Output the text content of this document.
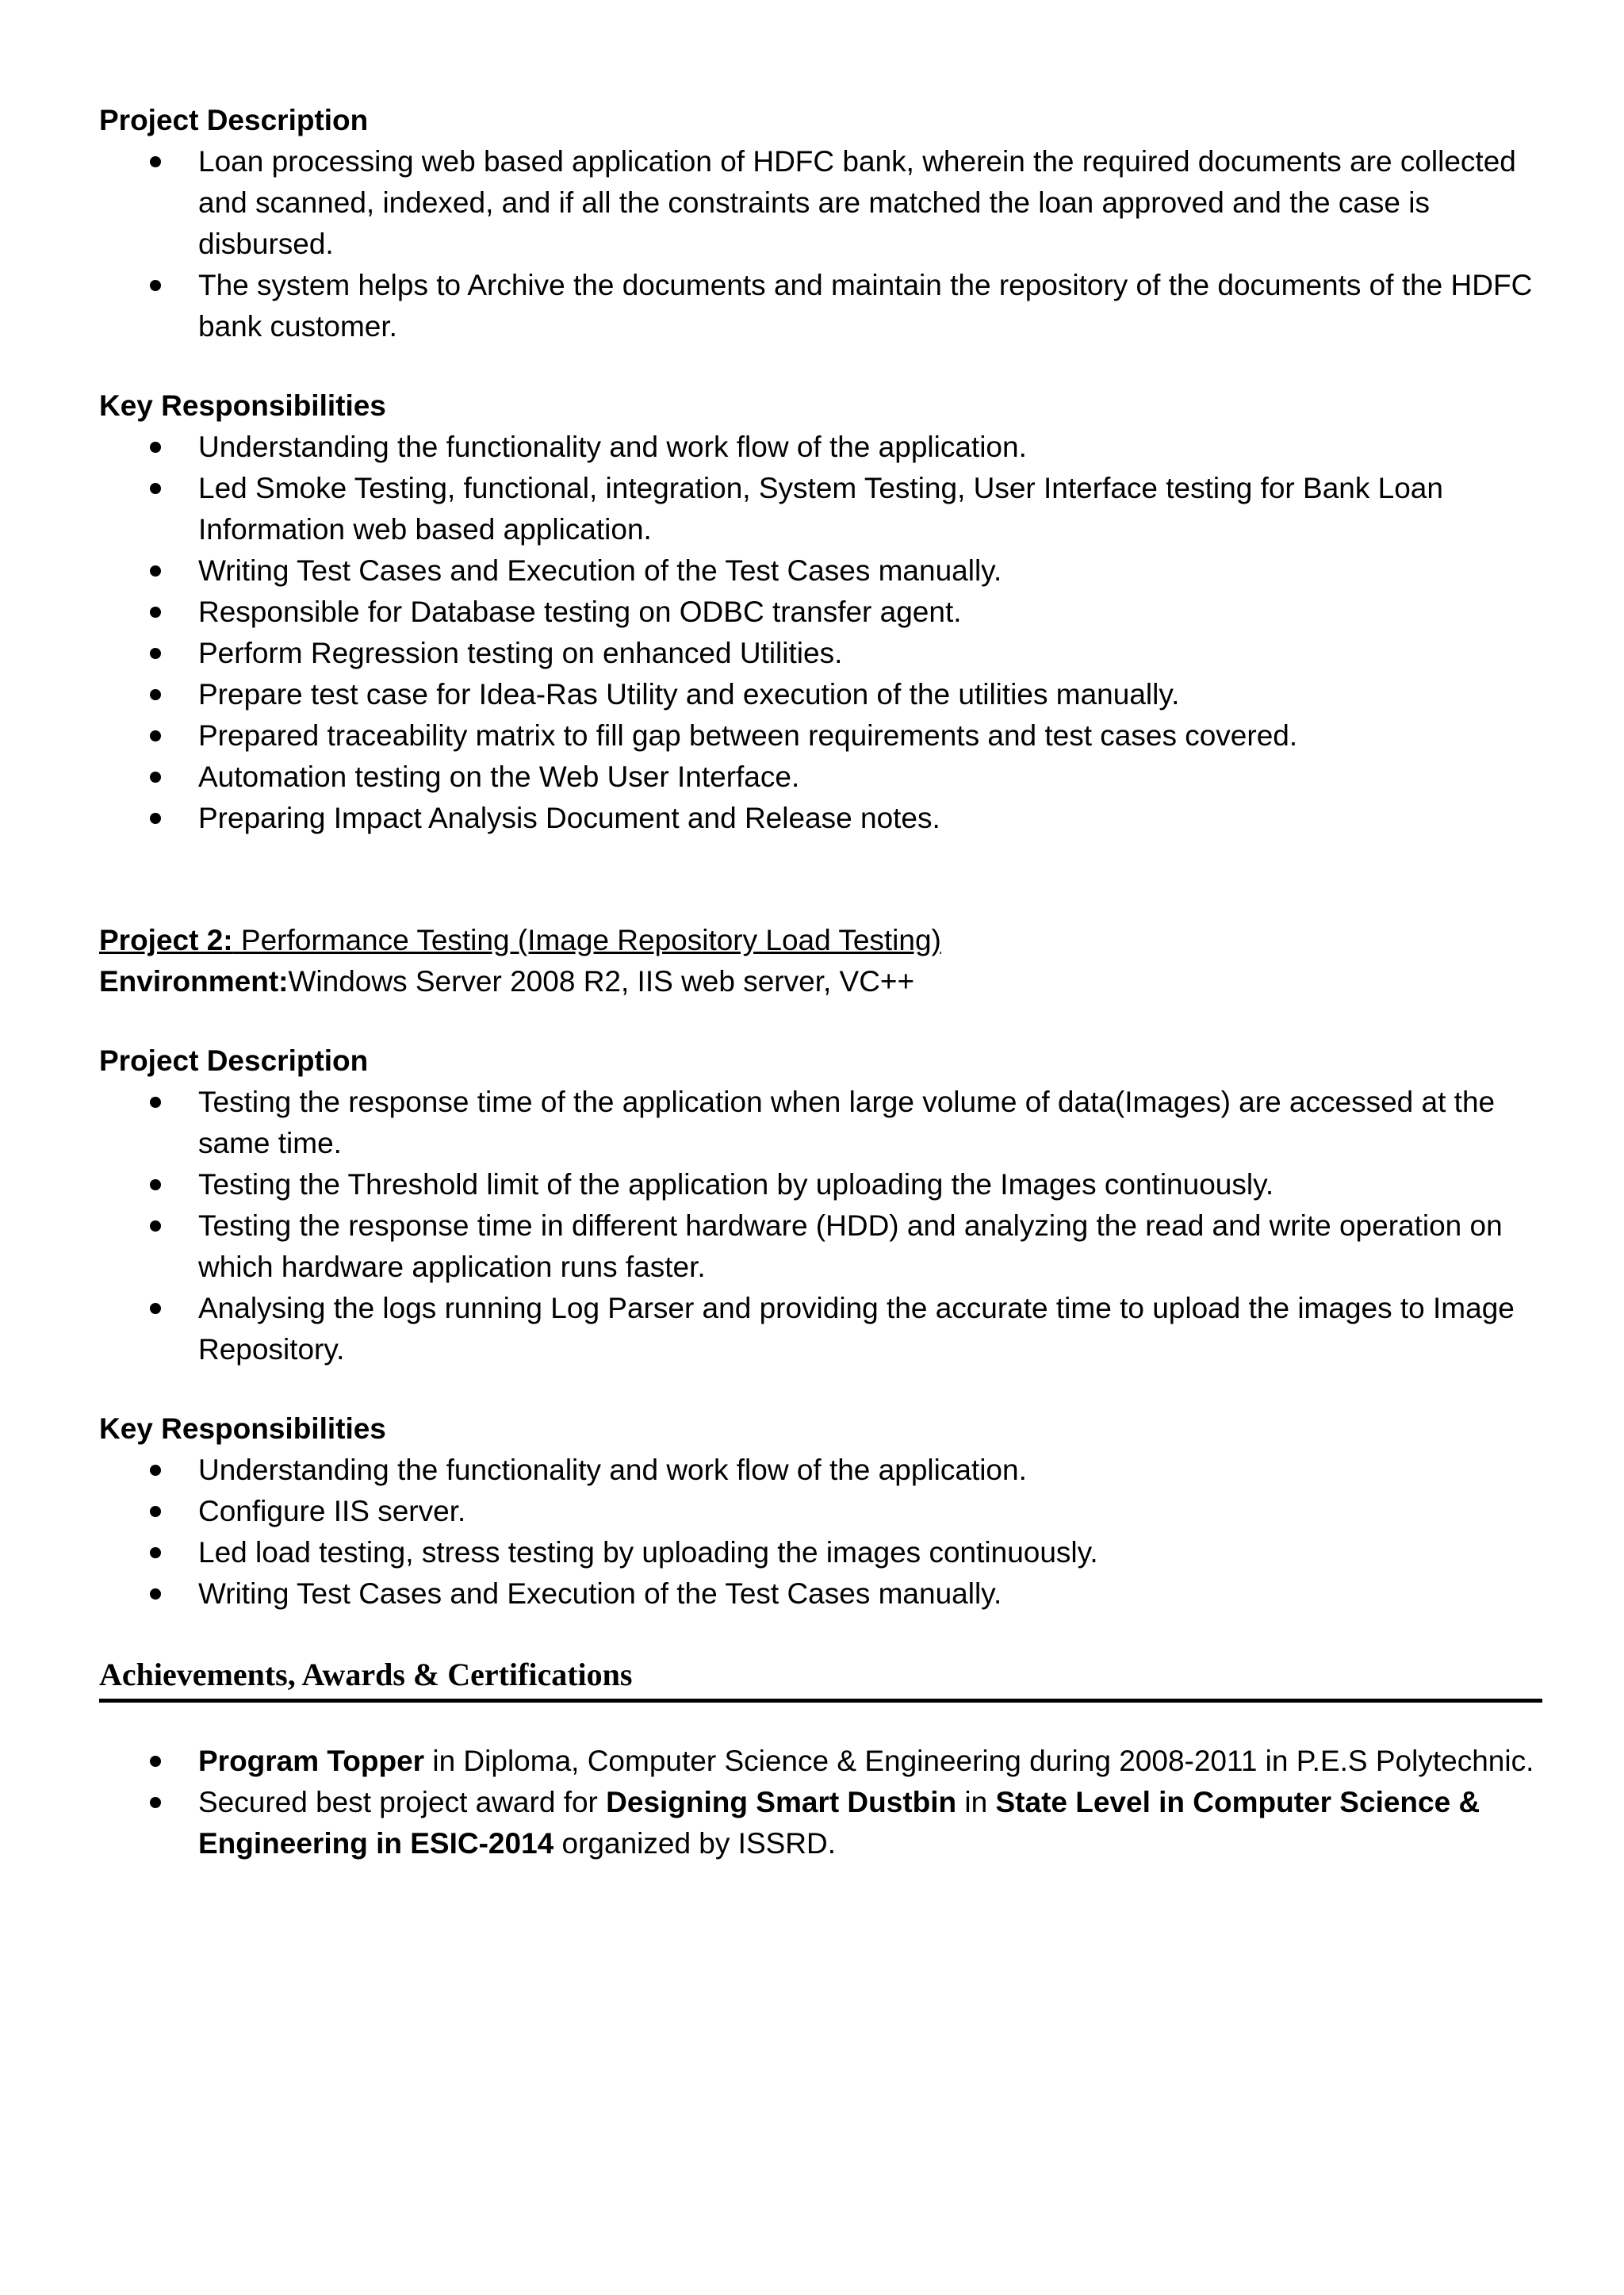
Project Description

Loan processing web based application of HDFC bank, wherein the required documents are collected and scanned, indexed, and if all the constraints are matched the loan approved and the case is disbursed.
The system helps to Archive the documents and maintain the repository of the documents of the HDFC bank customer.

Key Responsibilities

Understanding the functionality and work flow of the application.
Led Smoke Testing, functional, integration, System Testing, User Interface testing for Bank Loan Information web based application.
Writing Test Cases and Execution of the Test Cases manually.
Responsible for Database testing on ODBC transfer agent.
Perform Regression testing on enhanced Utilities.
Prepare test case for Idea-Ras Utility and execution of the utilities manually.
Prepared traceability matrix to fill gap between requirements and test cases covered.
Automation testing on the Web User Interface.
Preparing Impact Analysis Document and Release notes.

Project 2: Performance Testing (Image Repository Load Testing)

Environment:Windows Server 2008 R2, IIS web server, VC++

Project Description

Testing the response time of the application when large volume of data(Images) are accessed at the same time.
Testing the Threshold limit of the application by uploading the Images continuously.
Testing the response time in different hardware (HDD) and analyzing the read and write operation on which hardware application runs faster.
Analysing the logs running Log Parser and providing the accurate time to upload the images to Image Repository.

Key Responsibilities

Understanding the functionality and work flow of the application.
Configure IIS server.
Led load testing, stress testing by uploading the images continuously.
Writing Test Cases and Execution of the Test Cases manually.

Achievements, Awards & Certifications

Program Topper in Diploma, Computer Science & Engineering during 2008-2011 in P.E.S Polytechnic.
Secured best project award for Designing Smart Dustbin in State Level in Computer Science & Engineering in ESIC-2014 organized by ISSRD.
